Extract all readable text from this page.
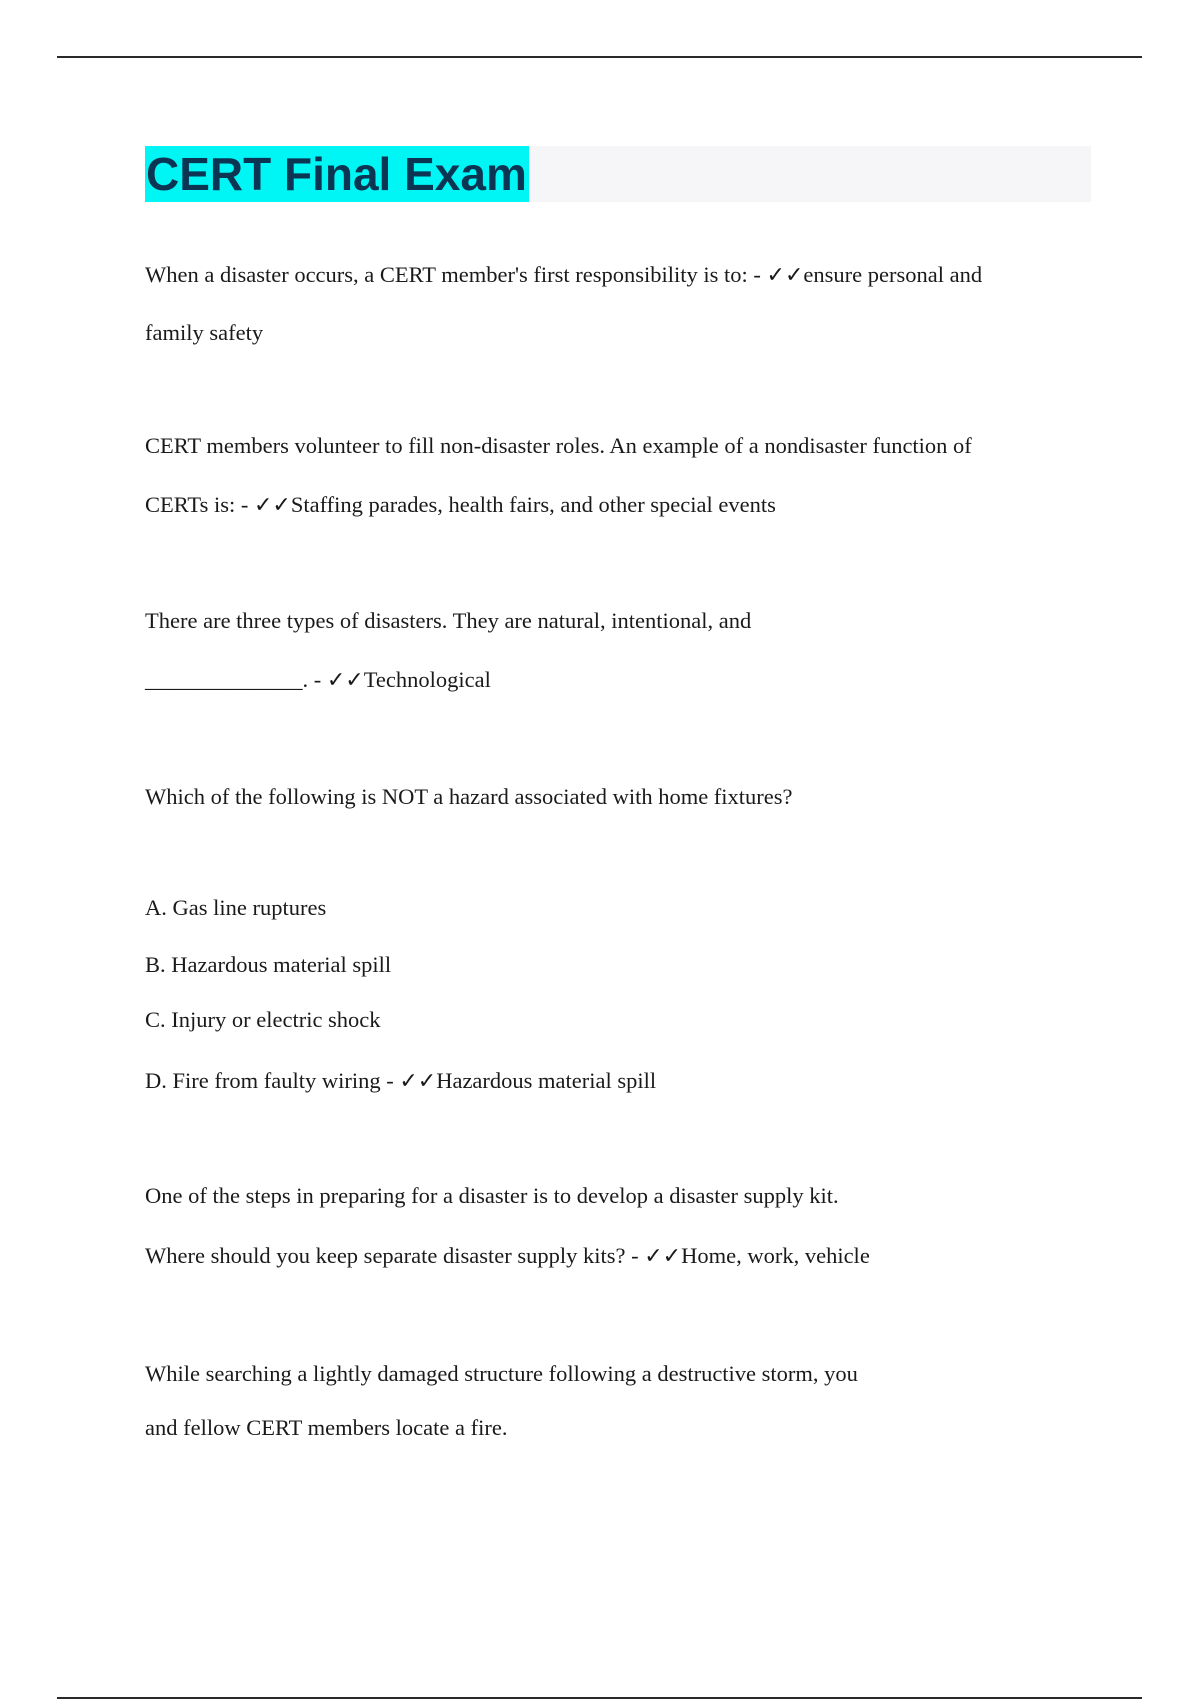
CERT Final Exam
When a disaster occurs, a CERT member's first responsibility is to: - ✓✓ensure personal and
family safety
CERT members volunteer to fill non-disaster roles. An example of a nondisaster function of
CERTs is: - ✓✓Staffing parades, health fairs, and other special events
There are three types of disasters. They are natural, intentional, and
______________. - ✓✓Technological
Which of the following is NOT a hazard associated with home fixtures?
A. Gas line ruptures
B. Hazardous material spill
C. Injury or electric shock
D. Fire from faulty wiring - ✓✓Hazardous material spill
One of the steps in preparing for a disaster is to develop a disaster supply kit.
Where should you keep separate disaster supply kits? - ✓✓Home, work, vehicle
While searching a lightly damaged structure following a destructive storm, you
and fellow CERT members locate a fire.
